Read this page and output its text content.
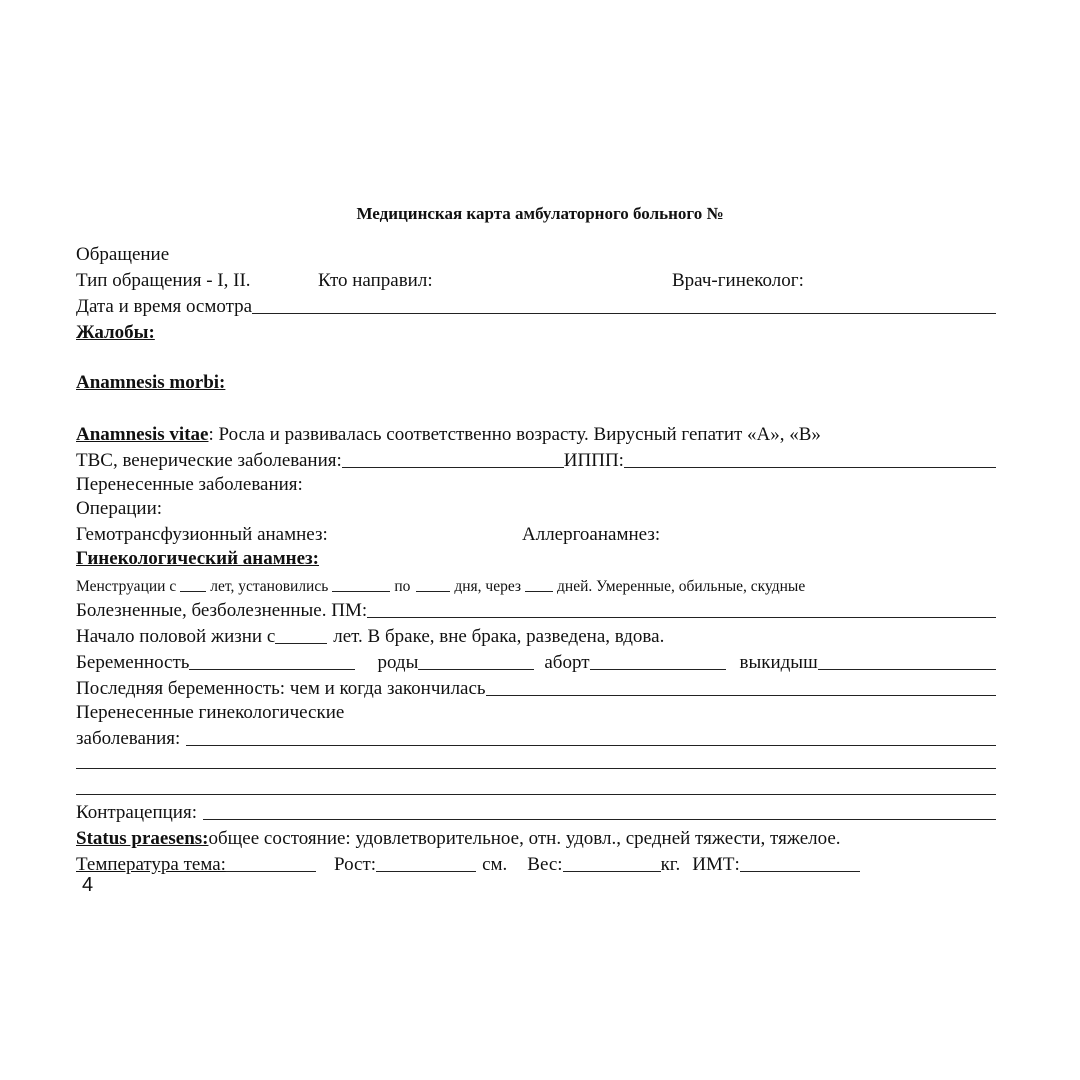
Медицинская карта амбулаторного больного №
Обращение
Тип обращения - I, II.	Кто направил:	Врач-гинеколог:
Дата и время осмотра
Жалобы:
Anamnesis morbi:
Anamnesis vitae : Росла и развивалась соответственно возрасту. Вирусный гепатит «А», «В»
ТВС, венерические заболевания:	ИППП:
Перенесенные заболевания:
Операции:
Гемотрансфузионный анамнез:	Аллергоанамнез:
Гинекологический анамнез:
Менструации с лет, установились	по	дня, через дней. Умеренные, обильные, скудные
Болезненные, безболезненные. ПМ:
Начало половой жизни с	лет. В браке, вне брака, разведена, вдова.
Беременность	роды	аборт	выкидыш
Последняя беременность: чем и когда закончилась
Перенесенные гинекологические
заболевания:
Контрацепция:
Status praesens: общее состояние: удовлетворительное, отн. удовл., средней тяжести, тяжелое.
Температура тема:	Рост:	см. Вес:	кг. ИМТ:
4
